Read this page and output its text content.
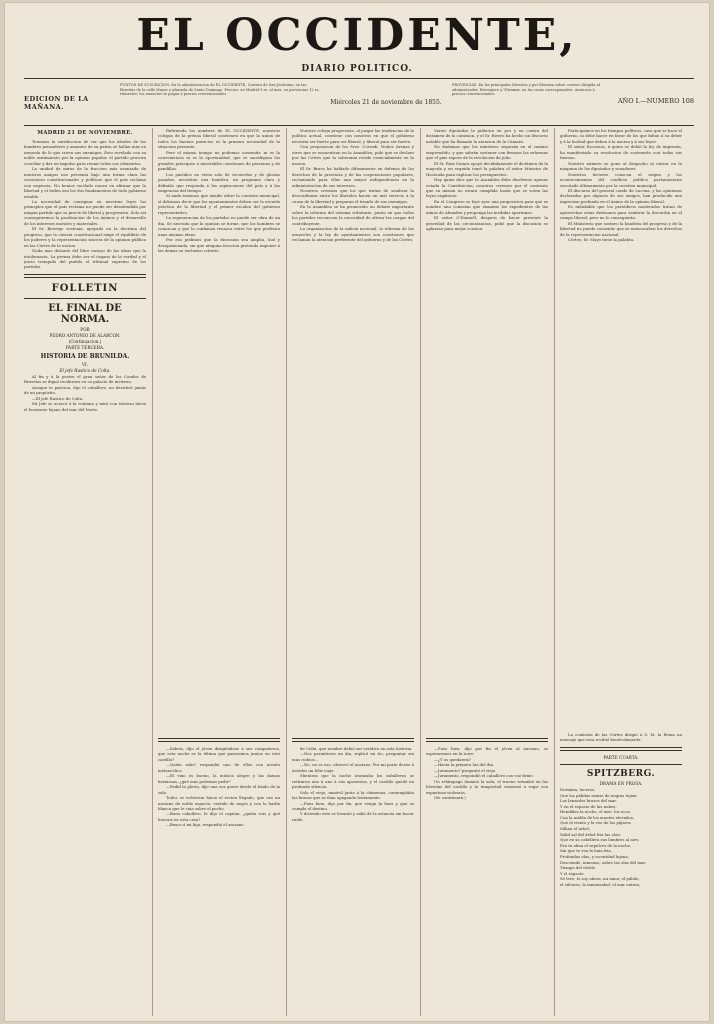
EL OCCIDENTE,
DIARIO POLITICO.
EDICION DE LA MAÑANA.
PUNTOS DE SUSCRICION. En la administracion de EL OCCIDENTE, Carrera de San Jerónimo; en las librerías de la calle Mayor y plazuela de Santo Domingo. Precios: en Madrid 8 rs. al mes, en provincias 12 rs. trimestre; los anuncios se pagan á precios convencionales.
Miércoles 21 de noviembre de 1855.
PROVINCIAS. En las principales librerías y por libranza sobre correos dirigida al administrador. Extranjero y Ultramar, en las casas corresponsales. Anuncios á precios convencionales.
AÑO I.—NUMERO 108
MADRID 21 DE NOVIEMBRE.

Tenemos la satisfaccion de ver que los ideales de los hombres pensadores y amantes de su patria se hallan más en armonía de lo que creen sus enemigos. Esto revelado con su noble sentimiento por la opinion popular, el partido procura conciliar y dar un impulso para reunir todos sus elementos.

La unidad de miras de la fraccion más avanzada de nuestros amigos nos presenta bajo una forma clara las cuestiones constitucionales y políticas que el país reclama con urgencia. No hemos vacilado nunca en afirmar que la libertad y el órden son los dos fundamentos de todo gobierno estable.

La necesidad de consignar en nuestras leyes los principios que el país reclama no puede ser desatendida por ningun partido que se precie de liberal y progresista. Solo así conseguiremos la pacificacion de los ánimos y el desarrollo de los intereses morales y materiales.

El Sr. Borrego sostenia, apoyado en la doctrina del progreso, que la ciencia constitucional exige el equilibrio de los poderes y la representacion sincera de la opinion pública en las Córtes de la nacion.

Nada mas distante del libre ensayo de las ideas que la intolerancia. La prensa debe ser el órgano de la verdad y el juicio tranquilo del pueblo el tribunal supremo de los partidos.

FOLLETIN
EL FINAL DE NORMA.
POR
PEDRO ANTONIO DE ALARCON.
(Continuacion.)
PARTE TERCERA.
HISTORIA DE BRUNILDA.
VI.
El jefe Rustico de Colta.

Al fin y á la postre el gran señor de los Condes de Bruselas se dignó recibirnos en su palacio de invierno.

Aunque te parezca, dijo el caballero, no desistiré jamás de mi propósito.

—El jefe Rustico de Colta.

Mi Jefe se acercó á la ventana y miró con tristeza hácia el horizonte lejano del mar del Norte.

Refiriendo los nombres de EL OCCIDENTE, nuestros colegas de la prensa liberal convienen en que la union de todos los buenos patricios es la primera necesidad de la situacion presente.

Pero el mismo tiempo no podemos consentir, ni es la conveniencia ni es la oportunidad, que se sacrifiquen los grandes principios a miserables cuestiones de personas y de pandillas.

Los partidos no viven solo de recuerdos y de glorias pasadas; necesitan una bandera, un programa claro y definido que responda á las aspiraciones del país y á las exigencias del tiempo.

Si nada tenemos que añadir sobre la cuestion municipal, sí debemos decir que los ayuntamientos deben ser la escuela práctica de la libertad y el primer escalon del gobierno representativo.

La regeneracion de los partidos no puede ser obra de un dia. Se necesita que la opinion se forme, que los hombres se conozcan y que la confianza renazca entre los que profesan unas mismas ideas.

Por eso pedimos que la discusion sea amplia, leal y desapasionada, sin que ninguna fraccion pretenda imponer á las demas su exclusivo criterio.

—Sabeis, dijo el jóven dirigiéndose á sus compañeros, que esta noche es la última que pasaremos juntos en este castillo?

—Quién sabe! respondió uno de ellos con acento melancólico.

—El vino es bueno, la música alegre y las damas hermosas, ¿qué mas podemos pedir?

—Pedid la gloria, dijo una voz grave desde el fondo de la sala.

Todos se volvieron hácia el recien llegado, que era un anciano de noble aspecto, vestido de negro y con la barba blanca que le caia sobre el pecho.

—Buen caballero, le dijo el capitan, ¿quién sois y qué buscais en esta casa?

—Busco á mi hija, respondió el anciano.

Nuestro colega progresista, al juzgar las tendencias de la política actual, conviene con nosotros en que el gobierno necesita ser fuerte para ser liberal, y liberal para ser fuerte.

Una proposicion de los Sres. Corradi, Nuñez Arenas y otros que se encuentran en la Asamblea, pide que se declare por las Córtes que la soberanía reside esencialmente en la nacion.

El Sr. Bravo ha hablado difusamente en defensa de los derechos de la provincia y de las corporaciones populares, reclamando para ellas una mayor independencia en la administracion de sus intereses.

Nosotros creemos que los que tratan de sembrar la desconfianza entre los liberales hacen un mal servicio á la causa de la libertad y preparan el triunfo de sus enemigos.

En la Asamblea se ha promovido un debate importante sobre la reforma del sistema tributario, punto en que todos los partidos reconocen la necesidad de aliviar las cargas del contribuyente.

La organizacion de la milicia nacional, la reforma de los aranceles y la ley de ayuntamientos son cuestiones que reclaman la atencion preferente del gobierno y de las Córtes.

de Colta, que nombre debió ser veridico en esta historia.

—Nos permitireis un dia, replicó mi tio, preguntar sin mas rodeos...

—No, no es eso, observó el anciano. Por mi parte deseo á ustedes un feliz viaje.

Mientras que la noche avanzaba los caballeros se retiraron uno á uno á sus aposentos, y el castillo quedó en profundo silencio.

Solo el viejo, inmóvil junto á la chimenea, contemplaba las brasas que se iban apagando lentamente.

—Pues bien, dijo por fin, que venga la hora y que se cumpla el destino.

Y diciendo esto se levantó y salió de la estancia sin hacer ruido.

Varios diputados la pidieron en pro y en contra del dictámen de la comision, y el Sr. Rivero ha hecho un discurso notable que ha llamado la atencion de la Cámara.

No dudamos que los ministros seguirán en el camino emprendido, y que sabrán sostener con firmeza las reformas que el país espera de la revolucion de julio.

El Sr. Ruiz Gomez apoyó decididamente el dictámen de la mayoría y en seguida tomó la palabra el señor Ministro de Hacienda para explicar los presupuestos.

Hay quien dice que la Asamblea debe disolverse apenas votada la Constitucion; nosotros creemos por el contrario que su mision no estará cumplida hasta que se voten las leyes orgánicas.

En el Congreso se leyó ayer una proposicion para que se nombre una comision que examine los expedientes de las minas de Almaden y proponga las medidas oportunas.

El señor O'Donnell, despues de hacer presente la gravedad de las circunstancias, pidió que la discusion se aplazase para mejor ocasion.

—Pues bien, dijo por fin el jóven al anciano, os esperaremos en la torre.

—¿Y os quedareis?

—Hasta la primera luz del dia.

—Juramento? preguntó el viejo.

—Juramento, respondió el caballero con voz firme.

Un relámpago iluminó la sala; el trueno retumbó en las bóvedas del castillo y la tempestad comenzó a rugir con espantosa violencia.

(Se continuará.)

Participamos en los tiempos políticos, casa que se hace el gobierno, ni debe hacer en favor de los que faltan á su deber y á la lealtad que deben á la nacion y á sus leyes.

El señor Escosura, á quien se debió la ley de imprenta, ha manifestado su resolucion de sostenerla con todas sus fuerzas.

Nuestro número se pone al despacho al entrar en la máquina de los diputados y senadores.

Nuestros lectores conocen el origen y los acontecimientos del conflicto político parlamentario suscitado últimamente por la cuestion municipal.

El discurso del general conde de Lucena, y las opiniones declaradas por algunos de sus amigos, han producido una impresion profunda en el ánimo de la opinion liberal.

Es indudable que los periódicos moderados tratan de aprovechar estas divisiones para sembrar la discordia en el campo liberal; pero no lo conseguirán.

El Ministerio que sostuvo la bandera del progreso y de la libertad no puede consentir que se menoscaben los derechos de la representacion nacional.

Córtes: Sr. Mayo tiene la palabra.

La comision de las Córtes dirigió á S. M. la Reina un mensaje que esta recibió benévolamente.

PARTE CUARTA.
SPITZBERG.
DRAMA EN PROSA.
Dormian, luceros,
Que las pálidas ramas de negras tejian
Los lanzados brazos del mar.
Y en el espacio de las nubes,
Hendidas la noche, el aire, los ecos,
Con la niebla de los montes elevados,
Que el viento y la voz de los pájaros
Silban el árbol;
Salid sal del árbol fria las olas:
Que en su cabellera sus lumbres al aire,
Era tu alma el sepulcro de la noche,
Sin que te vea la luna frio,
Profundas olas, y oscuridad lejana;
Desciende, inmenso, sobre las olas del mar,
Tiempo del olvido
Y el espacio.
Sé leve, lo soy ahora, mi amor, el pálido,
el silencio, la inmensidad, el mar entero,
